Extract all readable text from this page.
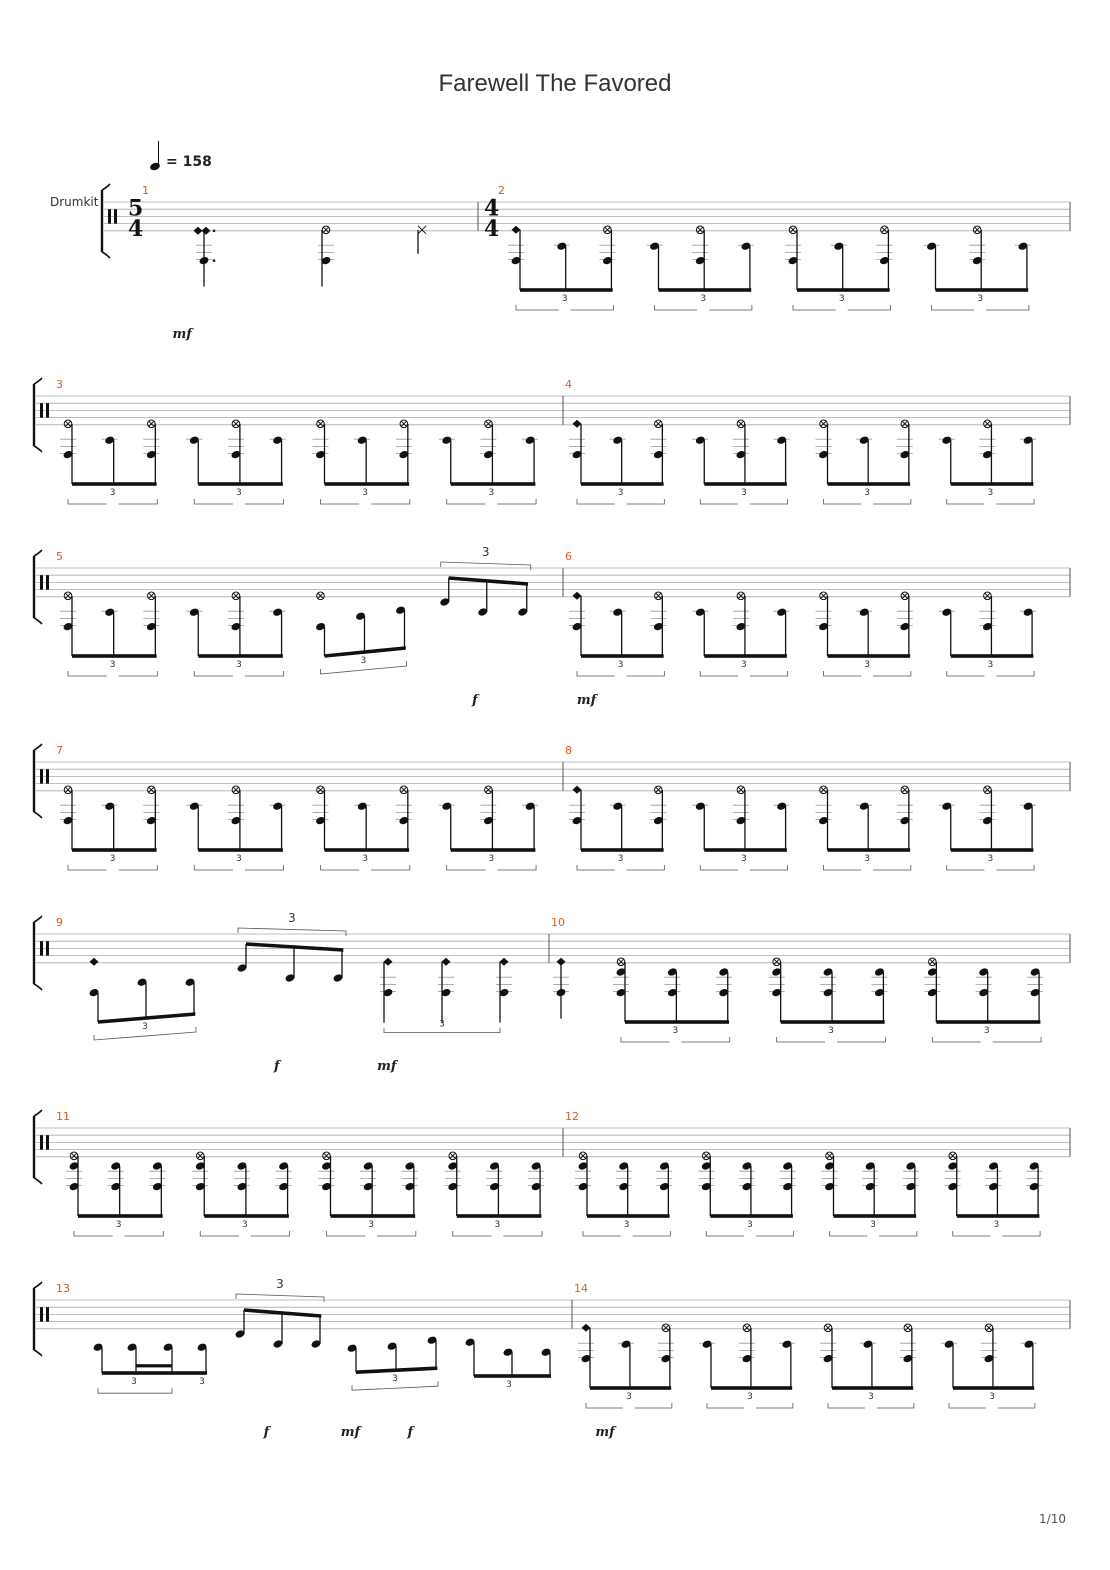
Farewell The Favored
= 158
Drumkit
1
5
4
2
4
4
3	3	3	3
mf
3
3	3	3	3
4
3	3	3	3
5
3	3	3
3	6
3	3	3	3
f	mf
7
3	3	3	3
8
3	3	3	3
9
3
3
3
10
3	3	3
f	mf
11
3	3	3	3
12
3	3	3	3
13
3	3
3
3
3
14
3	3	3	3
f	mf	f	mf
1/10
